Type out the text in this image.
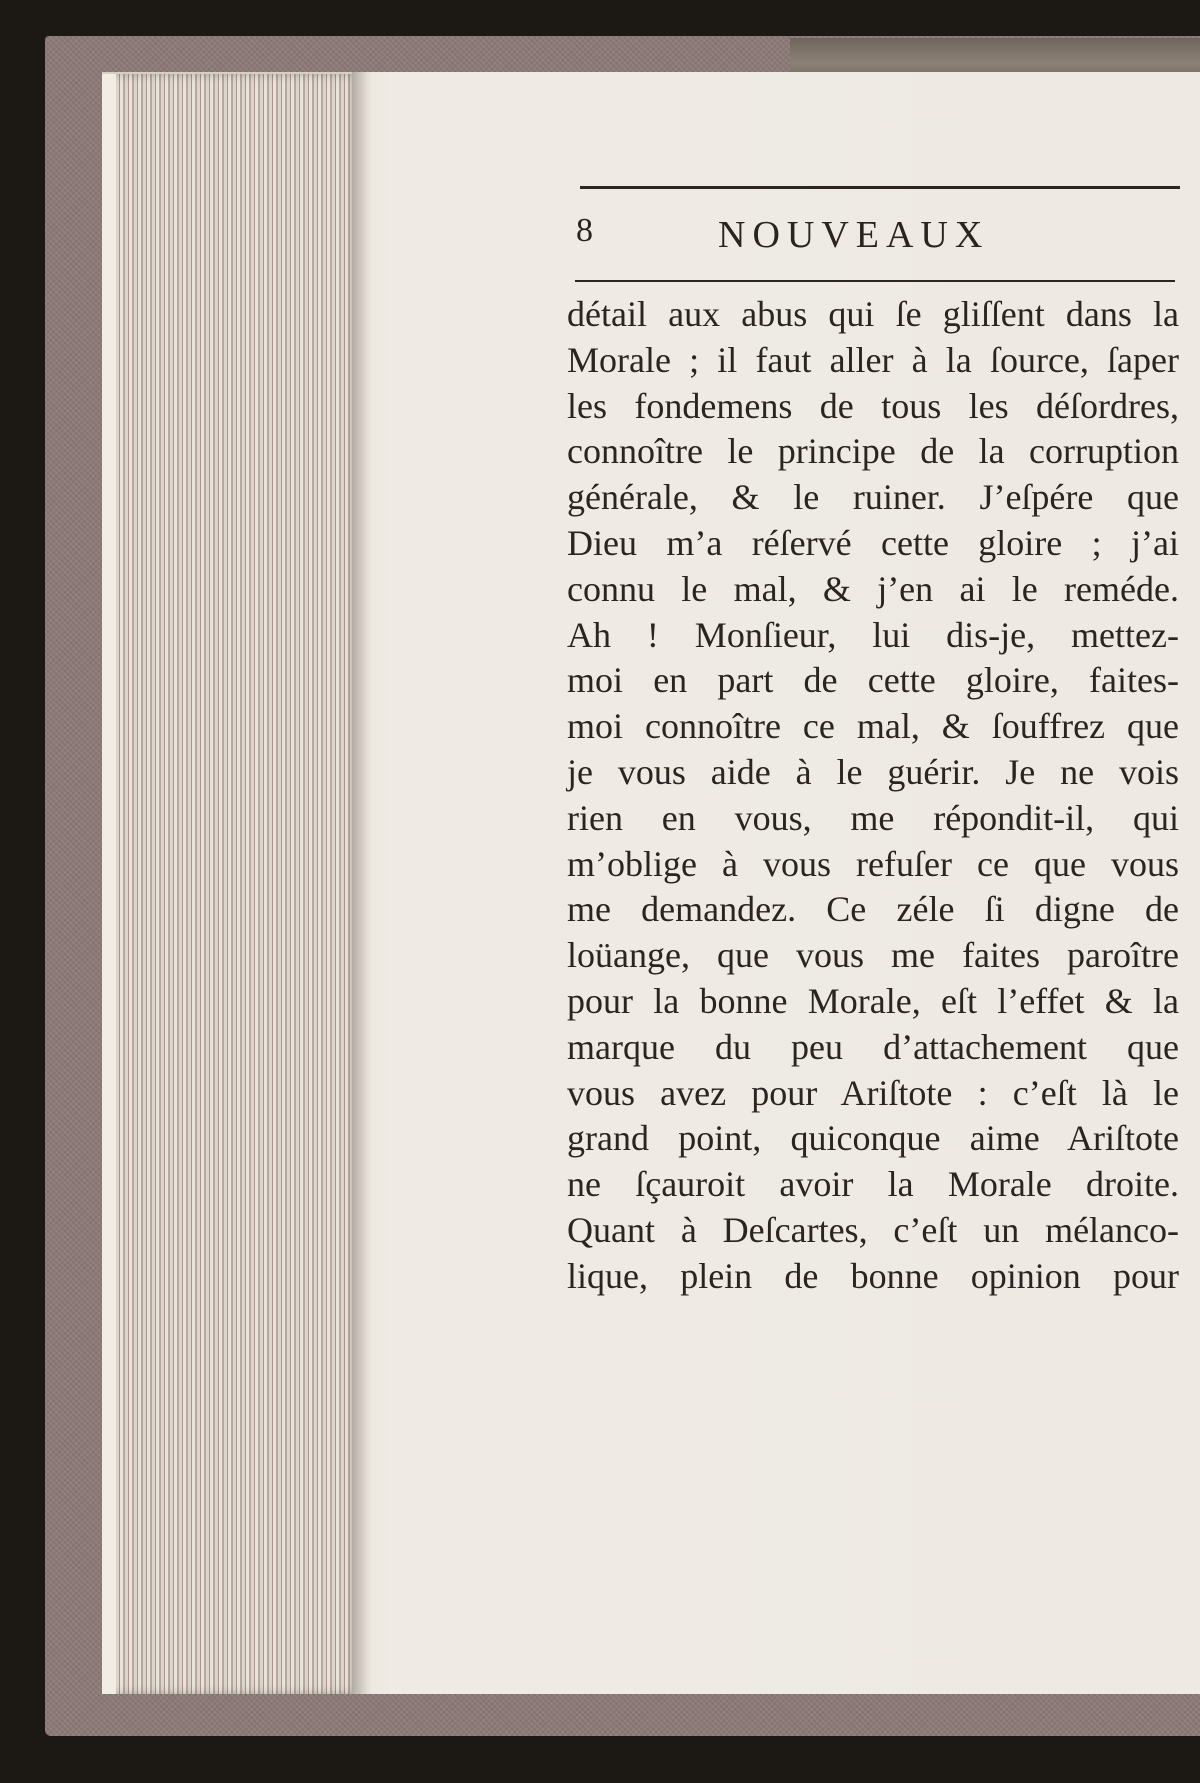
8	NOUVEAUX
détail aux abus qui ſe gliſſent dans la
Morale ; il faut aller à la ſource, ſaper
les fondemens de tous les déſordres,
connoître le principe de la corruption
générale, & le ruiner. J’eſpére que
Dieu m’a réſervé cette gloire ; j’ai
connu le mal, & j’en ai le reméde.
Ah ! Monſieur, lui dis-je, mettez-
moi en part de cette gloire, faites-
moi connoître ce mal, & ſouffrez que
je vous aide à le guérir. Je ne vois
rien en vous, me répondit-il, qui
m’oblige à vous refuſer ce que vous
me demandez. Ce zéle ſi digne de
loüange, que vous me faites paroître
pour la bonne Morale, eſt l’effet & la
marque du peu d’attachement que
vous avez pour Ariſtote : c’eſt là le
grand point, quiconque aime Ariſtote
ne ſçauroit avoir la Morale droite.
Quant à Deſcartes, c’eſt un mélanco-
lique, plein de bonne opinion pour
